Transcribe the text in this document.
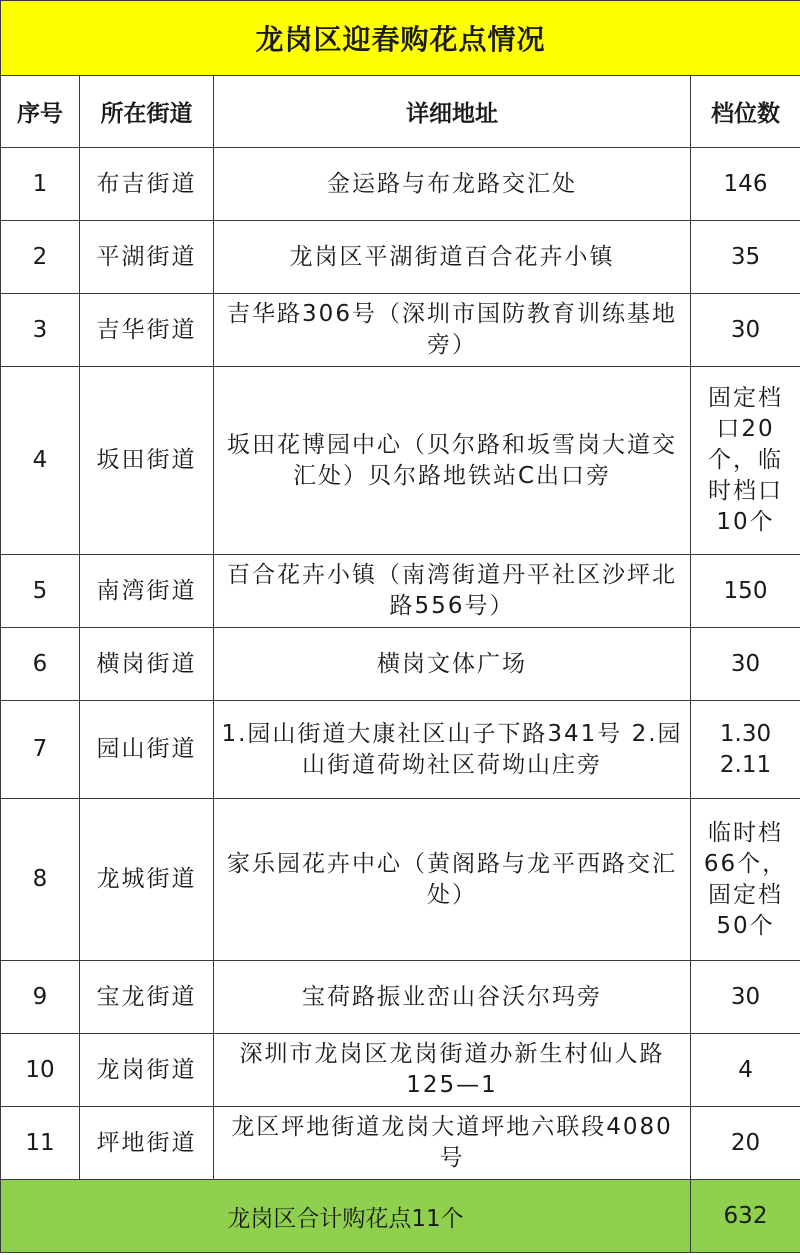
龙岗区迎春购花点情况			
序号	所在街道	详细地址	档位数
1	布吉街道	金运路与布龙路交汇处	146
2	平湖街道	龙岗区平湖街道百合花卉小镇	35
3	吉华街道	吉华路306号（深圳市国防教育训练基地旁）	30
4	坂田街道	坂田花博园中心（贝尔路和坂雪岗大道交汇处）贝尔路地铁站C出口旁	固定档口20个，临时档口10个
5	南湾街道	百合花卉小镇（南湾街道丹平社区沙坪北路556号）	150
6	横岗街道	横岗文体广场	30
7	园山街道	1.园山街道大康社区山子下路341号 2.园山街道荷坳社区荷坳山庄旁	1.30 2.11
8	龙城街道	家乐园花卉中心（黄阁路与龙平西路交汇处）	临时档66个，固定档50个
9	宝龙街道	宝荷路振业峦山谷沃尔玛旁	30
10	龙岗街道	深圳市龙岗区龙岗街道办新生村仙人路125—1	4
11	坪地街道	龙区坪地街道龙岗大道坪地六联段4080号	20
龙岗区合计购花点11个			632
